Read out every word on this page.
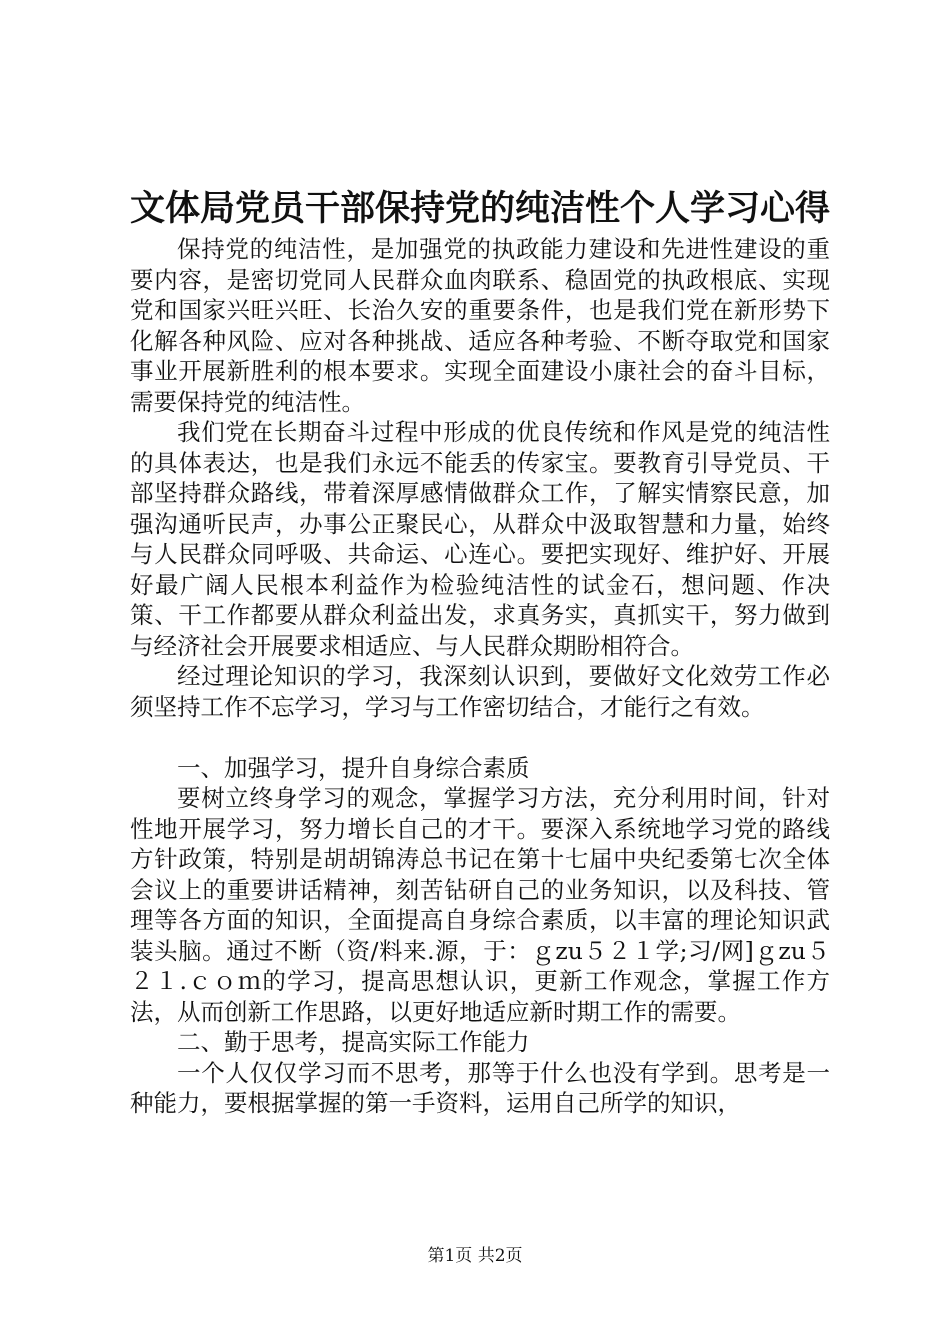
文体局党员干部保持党的纯洁性个人学习心得

保持党的纯洁性，是加强党的执政能力建设和先进性建设的重要内容，是密切党同人民群众血肉联系、稳固党的执政根底、实现党和国家兴旺兴旺、长治久安的重要条件，也是我们党在新形势下化解各种风险、应对各种挑战、适应各种考验、不断夺取党和国家事业开展新胜利的根本要求。实现全面建设小康社会的奋斗目标，需要保持党的纯洁性。

我们党在长期奋斗过程中形成的优良传统和作风是党的纯洁性的具体表达，也是我们永远不能丢的传家宝。要教育引导党员、干部坚持群众路线，带着深厚感情做群众工作，了解实情察民意，加强沟通听民声，办事公正聚民心，从群众中汲取智慧和力量，始终与人民群众同呼吸、共命运、心连心。要把实现好、维护好、开展好最广阔人民根本利益作为检验纯洁性的试金石，想问题、作决策、干工作都要从群众利益出发，求真务实，真抓实干，努力做到与经济社会开展要求相适应、与人民群众期盼相符合。

经过理论知识的学习，我深刻认识到，要做好文化效劳工作必须坚持工作不忘学习，学习与工作密切结合，才能行之有效。

一、加强学习，提升自身综合素质

要树立终身学习的观念，掌握学习方法，充分利用时间，针对性地开展学习，努力增长自己的才干。要深入系统地学习党的路线方针政策，特别是胡胡锦涛总书记在第十七届中央纪委第七次全体会议上的重要讲话精神，刻苦钻研自己的业务知识，以及科技、管理等各方面的知识，全面提高自身综合素质，以丰富的理论知识武装头脑。通过不断（资/料来.源，于：ｇzu５２１学;习/网]ｇzu５２１.ｃｏｍ的学习，提高思想认识，更新工作观念，掌握工作方法，从而创新工作思路，以更好地适应新时期工作的需要。

二、勤于思考，提高实际工作能力

一个人仅仅学习而不思考，那等于什么也没有学到。思考是一种能力，要根据掌握的第一手资料，运用自己所学的知识，

第1页 共2页
